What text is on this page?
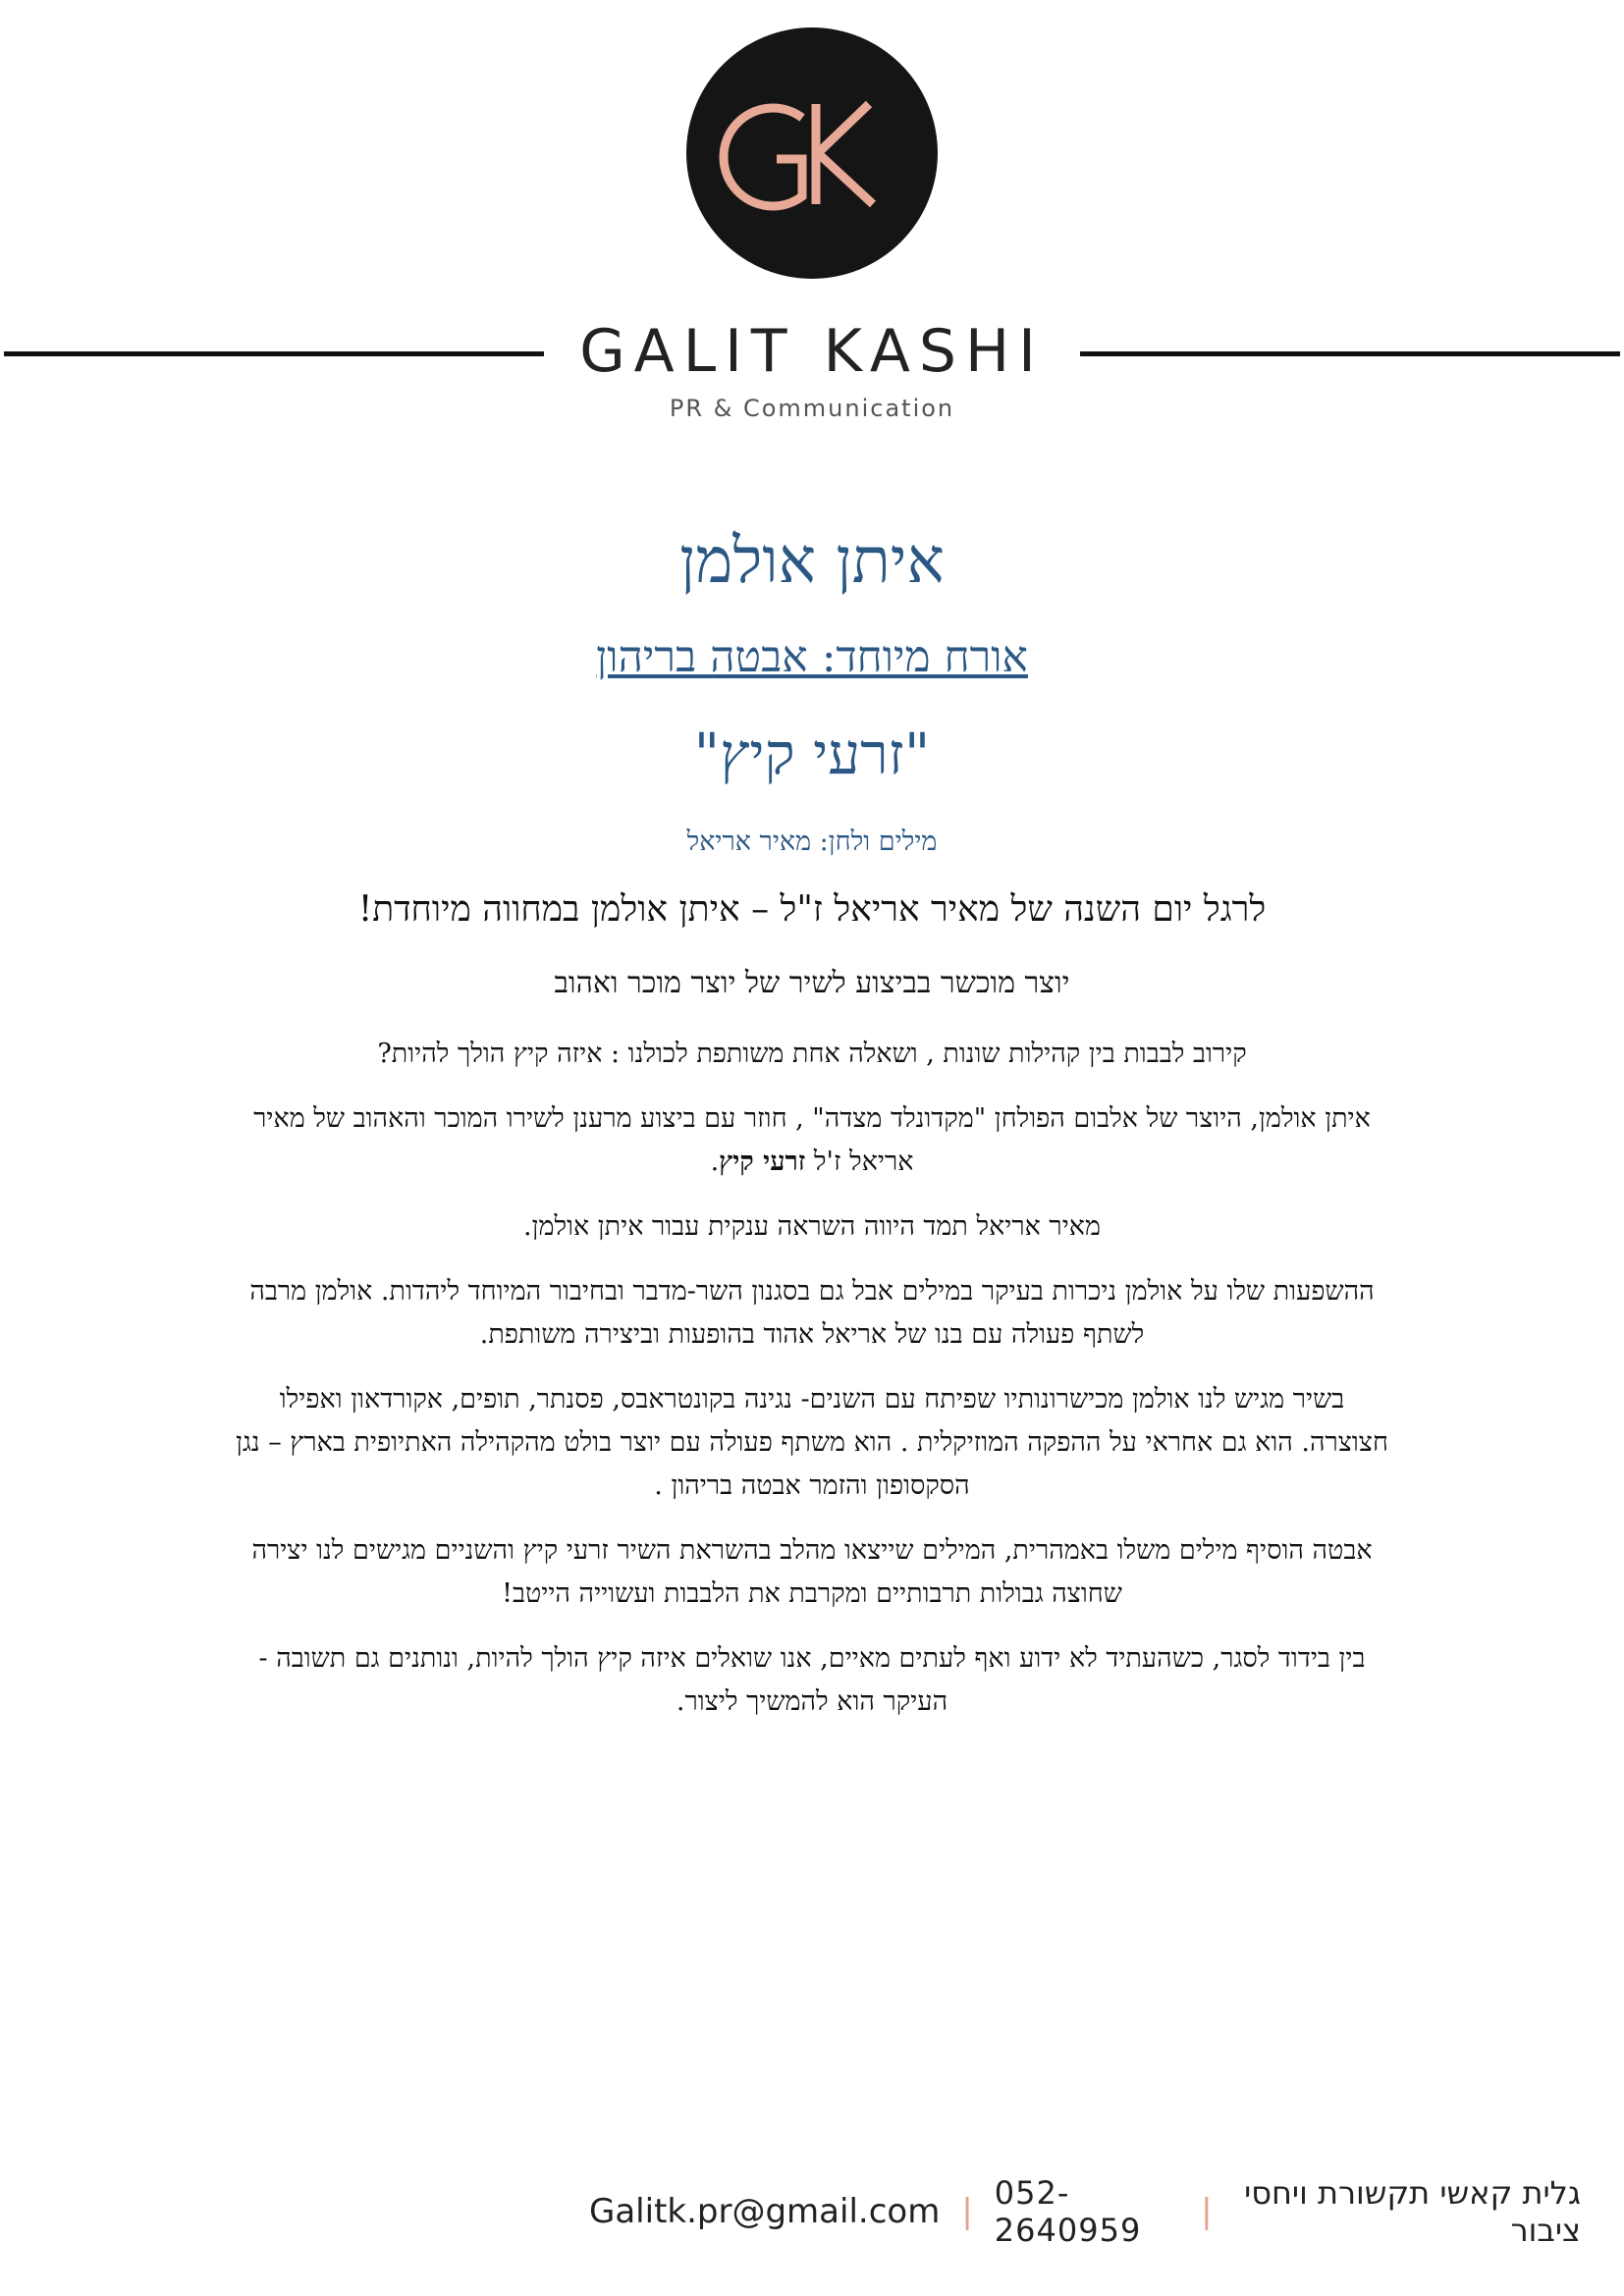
GALIT KASHI
PR & Communication
איתן אולמן
אורח מיוחד: אבטה בריהון
"זרעי קיץ"
מילים ולחן: מאיר אריאל
לרגל יום השנה של מאיר אריאל ז"ל – איתן אולמן במחווה מיוחדת!
יוצר מוכשר בביצוע לשיר של יוצר מוכר ואהוב
קירוב לבבות בין קהילות שונות , ושאלה אחת משותפת לכולנו : איזה קיץ הולך להיות?
איתן אולמן, היוצר של אלבום הפולחן "מקדונלד מצדה" , חוזר עם ביצוע מרענן לשירו המוכר והאהוב של מאיר אריאל ז'ל זרעי קיץ.
מאיר אריאל תמד היווה השראה ענקית עבור איתן אולמן.
ההשפעות שלו על אולמן ניכרות בעיקר במילים אבל גם בסגנון השר-מדבר ובחיבור המיוחד ליהדות. אולמן מרבה לשתף פעולה עם בנו של אריאל אהוד בהופעות וביצירה משותפת.
בשיר מגיש לנו אולמן מכישרונותיו שפיתח עם השנים- נגינה בקונטראבס, פסנתר, תופים, אקורדאון ואפילו חצוצרה. הוא גם אחראי על ההפקה המוזיקלית . הוא משתף פעולה עם יוצר בולט מהקהילה האתיופית בארץ – נגן הסקסופון והזמר אבטה בריהון .
אבטה הוסיף מילים משלו באמהרית, המילים שייצאו מהלב בהשראת השיר זרעי קיץ והשניים מגישים לנו יצירה שחוצה גבולות תרבותיים ומקרבת את הלבבות ועשוייה הייטב!
בין בידוד לסגר, כשהעתיד לא ידוע ואף לעתים מאיים, אנו שואלים איזה קיץ הולך להיות, ונותנים גם תשובה - העיקר הוא להמשיך ליצור.
גלית קאשי תקשורת ויחסי ציבור
|
052-2640959
|
Galitk.pr@gmail.com
